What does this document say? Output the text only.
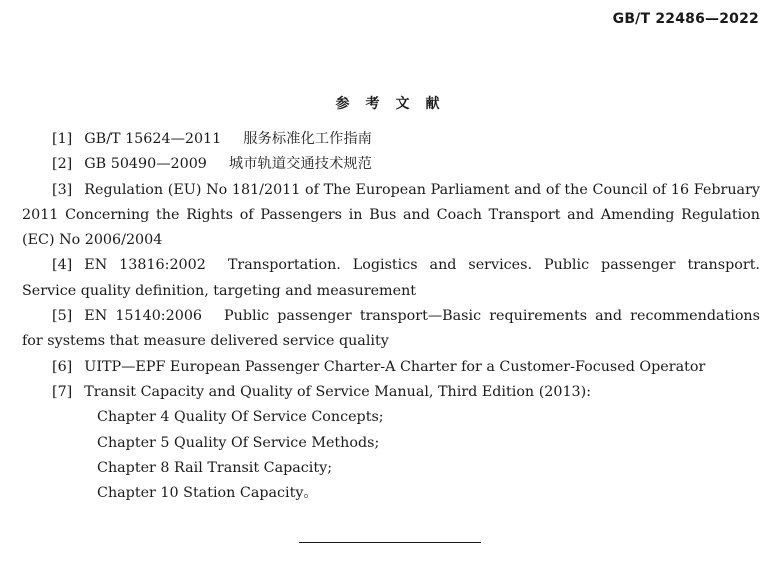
GB/T 22486—2022
参考文献

[1] GB/T 15624—2011 服务标准化工作指南

[2] GB 50490—2009 城市轨道交通技术规范

[3] Regulation (EU) No 181/2011 of The European Parliament and of the Council of 16 February 2011 Concerning the Rights of Passengers in Bus and Coach Transport and Amending Regulation (EC) No 2006/2004

[4] EN 13816:2002 Transportation. Logistics and services. Public passenger transport. Service quality definition, targeting and measurement

[5] EN 15140:2006 Public passenger transport—Basic requirements and recommendations for systems that measure delivered service quality

[6] UITP—EPF European Passenger Charter-A Charter for a Customer-Focused Operator

[7] Transit Capacity and Quality of Service Manual, Third Edition (2013):

Chapter 4 Quality Of Service Concepts;

Chapter 5 Quality Of Service Methods;

Chapter 8 Rail Transit Capacity;

Chapter 10 Station Capacity。
